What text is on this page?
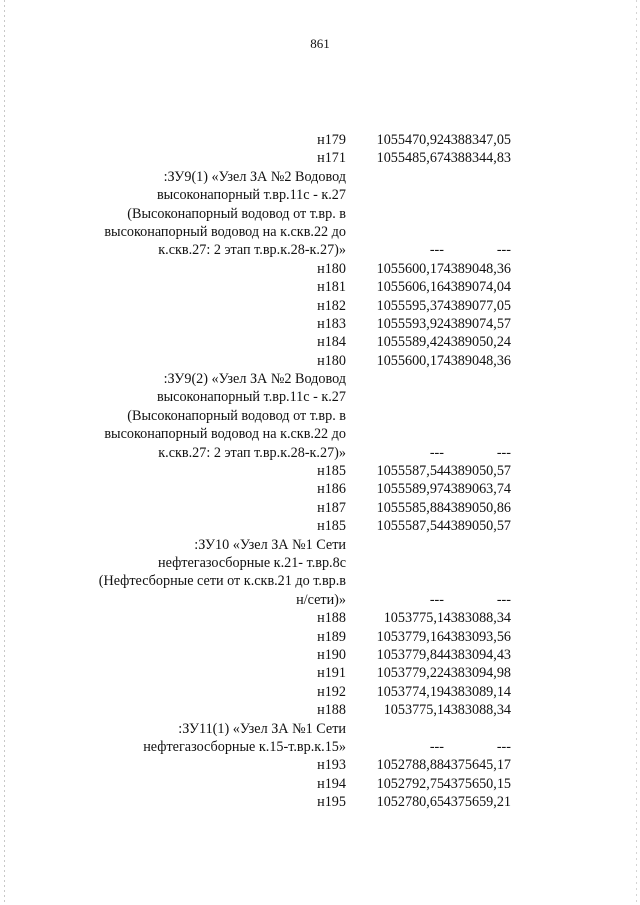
861
н179 1055470,92 4388347,05
н171 1055485,67 4388344,83
:ЗУ9(1) «Узел ЗА №2 Водовод
высоконапорный т.вр.11с - к.27
(Высоконапорный водовод от т.вр. в
высоконапорный водовод на к.скв.22 до
к.скв.27: 2 этап т.вр.к.28-к.27)»	---	---
н180 1055600,17 4389048,36
н181 1055606,16 4389074,04
н182 1055595,37 4389077,05
н183 1055593,92 4389074,57
н184 1055589,42 4389050,24
н180 1055600,17 4389048,36
:ЗУ9(2) «Узел ЗА №2 Водовод
высоконапорный т.вр.11с - к.27
(Высоконапорный водовод от т.вр. в
высоконапорный водовод на к.скв.22 до
к.скв.27: 2 этап т.вр.к.28-к.27)»	---	---
н185 1055587,54 4389050,57
н186 1055589,97 4389063,74
н187 1055585,88 4389050,86
н185 1055587,54 4389050,57
:ЗУ10 «Узел ЗА №1 Сети
нефтегазосборные к.21- т.вр.8с
(Нефтесборные сети от к.скв.21 до т.вр.в
н/сети)»	---	---
н188	1053775,1 4383088,34
н189 1053779,16 4383093,56
н190 1053779,84 4383094,43
н191 1053779,22 4383094,98
н192 1053774,19 4383089,14
н188	1053775,1 4383088,34
:ЗУ11(1) «Узел ЗА №1 Сети
нефтегазосборные к.15-т.вр.к.15»	---	---
н193 1052788,88 4375645,17
н194 1052792,75 4375650,15
н195 1052780,65 4375659,21
